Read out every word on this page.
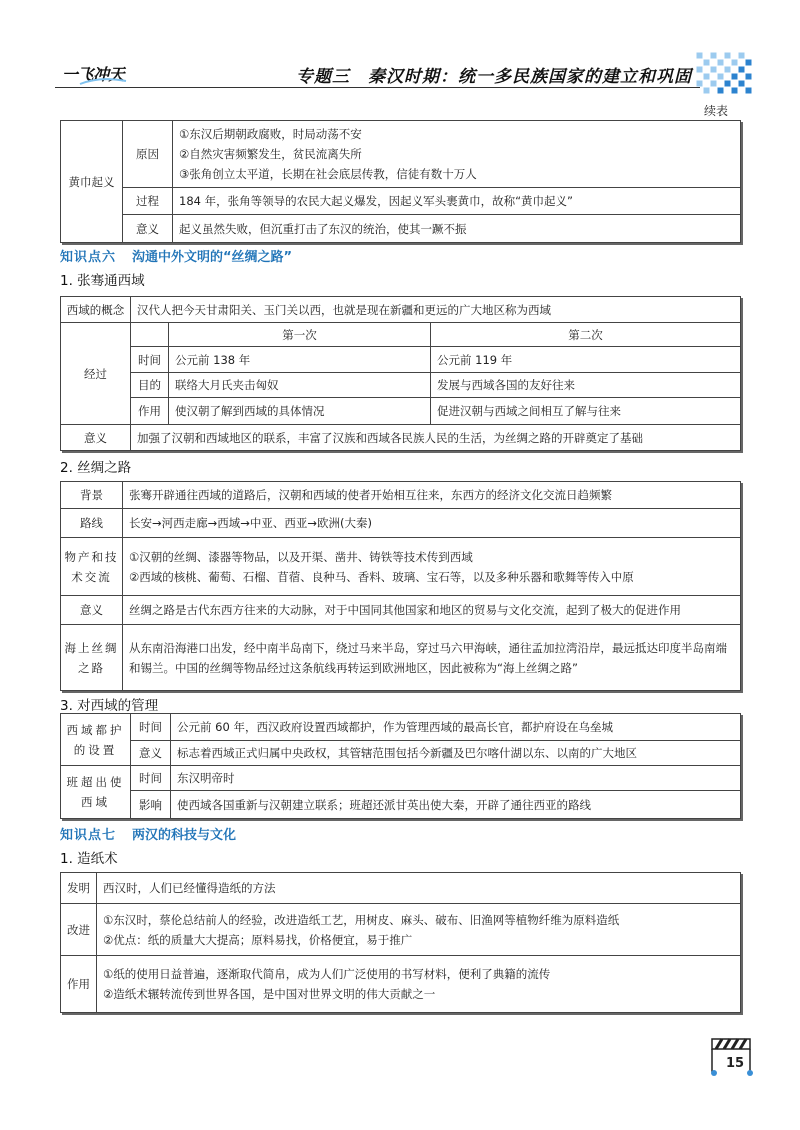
一飞冲天	专题三　秦汉时期：统一多民族国家的建立和巩固
续表
黄巾起义	原因	①东汉后期朝政腐败，时局动荡不安
②自然灾害频繁发生，贫民流离失所
③张角创立太平道，长期在社会底层传教，信徒有数十万人

	过程	184 年，张角等领导的农民大起义爆发，因起义军头裹黄巾，故称“黄巾起义”
	意义	起义虽然失败，但沉重打击了东汉的统治，使其一蹶不振
知识点六 沟通中外文明的“丝绸之路”
1. 张骞通西域
西域的概念	汉代人把今天甘肃阳关、玉门关以西，也就是现在新疆和更远的广大地区称为西域		
经过		第一次	第二次
	时间	公元前 138 年	公元前 119 年
	目的	联络大月氏夹击匈奴	发展与西域各国的友好往来
	作用	使汉朝了解到西域的具体情况	促进汉朝与西域之间相互了解与往来
意义	加强了汉朝和西域地区的联系，丰富了汉族和西域各民族人民的生活，为丝绸之路的开辟奠定了基础		
2. 丝绸之路
背景	张骞开辟通往西域的道路后，汉朝和西域的使者开始相互往来，东西方的经济文化交流日趋频繁
路线	长安→河西走廊→西域→中亚、西亚→欧洲(大秦)
物产和技术交流	①汉朝的丝绸、漆器等物品，以及开渠、凿井、铸铁等技术传到西域
②西域的核桃、葡萄、石榴、苜蓿、良种马、香料、玻璃、宝石等，以及多种乐器和歌舞等传入中原

意义	丝绸之路是古代东西方往来的大动脉，对于中国同其他国家和地区的贸易与文化交流，起到了极大的促进作用
海上丝绸之路	从东南沿海港口出发，经中南半岛南下，绕过马来半岛，穿过马六甲海峡，通往孟加拉湾沿岸，最远抵达印度半岛南端和锡兰。中国的丝绸等物品经过这条航线再转运到欧洲地区，因此被称为“海上丝绸之路”
3. 对西域的管理
西域都护的设置	时间	公元前 60 年，西汉政府设置西域都护，作为管理西域的最高长官，都护府设在乌垒城
	意义	标志着西域正式归属中央政权，其管辖范围包括今新疆及巴尔喀什湖以东、以南的广大地区
班超出使西域	时间	东汉明帝时
	影响	使西域各国重新与汉朝建立联系；班超还派甘英出使大秦，开辟了通往西亚的路线
知识点七 两汉的科技与文化
1. 造纸术
发明	西汉时，人们已经懂得造纸的方法
改进	①东汉时，蔡伦总结前人的经验，改进造纸工艺，用树皮、麻头、破布、旧渔网等植物纤维为原料造纸
②优点：纸的质量大大提高；原料易找，价格便宜，易于推广

作用	①纸的使用日益普遍，逐渐取代简帛，成为人们广泛使用的书写材料，便利了典籍的流传
②造纸术辗转流传到世界各国，是中国对世界文明的伟大贡献之一
15
